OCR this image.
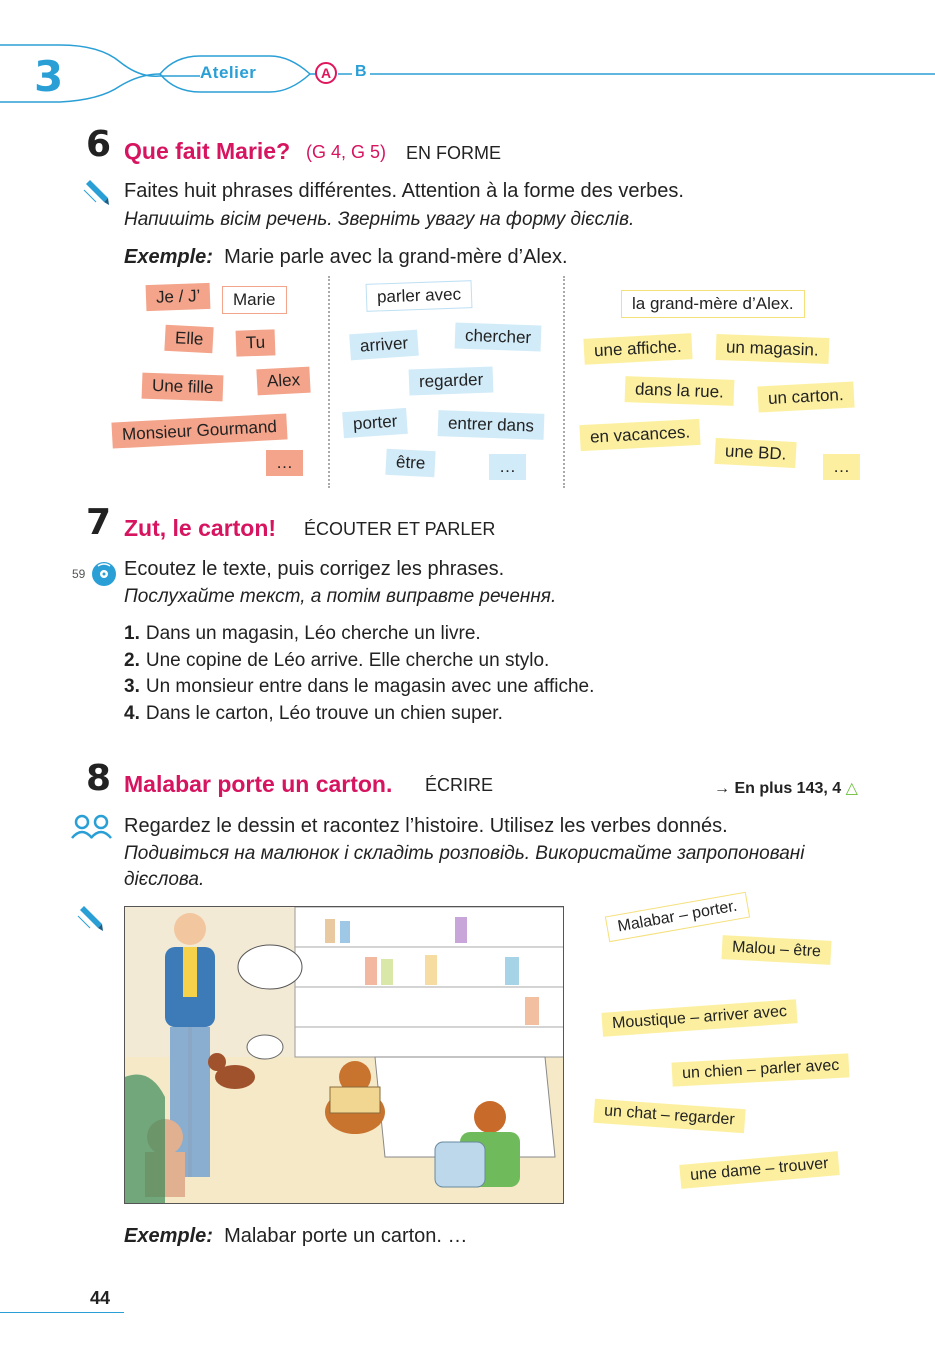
3	Atelier	A	B
6 Que fait Marie? (G 4, G 5) EN FORME
Faites huit phrases différentes. Attention à la forme des verbes.
Напишіть вісім речень. Зверніть увагу на форму дієслів.
Exemple: Marie parle avec la grand-mère d’Alex.
Je / J’	Marie
Elle	Tu
Une fille	Alex
Monsieur Gourmand
…
parler avec
arriver	chercher
regarder
porter	entrer dans
être	…
la grand-mère d’Alex.
une affiche.	un magasin.
dans la rue.	un carton.
en vacances.
une BD.
…
7 Zut, le carton! ÉCOUTER ET PARLER
59 Ecoutez le texte, puis corrigez les phrases.
Послухайте текст, а потім виправте речення.
1. Dans un magasin, Léo cherche un livre.
2. Une copine de Léo arrive. Elle cherche un stylo.
3. Un monsieur entre dans le magasin avec une affiche.
4. Dans le carton, Léo trouve un chien super.
8 Malabar porte un carton. ÉCRIRE	→ En plus 143, 4 △
Regardez le dessin et racontez l’histoire. Utilisez les verbes donnés.
Подивіться на малюнок і складіть розповідь. Використайте запропоновані
дієслова.
Malabar – porter.
Malou – être
Moustique – arriver avec
un chien – parler avec
un chat – regarder
une dame – trouver
Exemple: Malabar porte un carton. …
44
